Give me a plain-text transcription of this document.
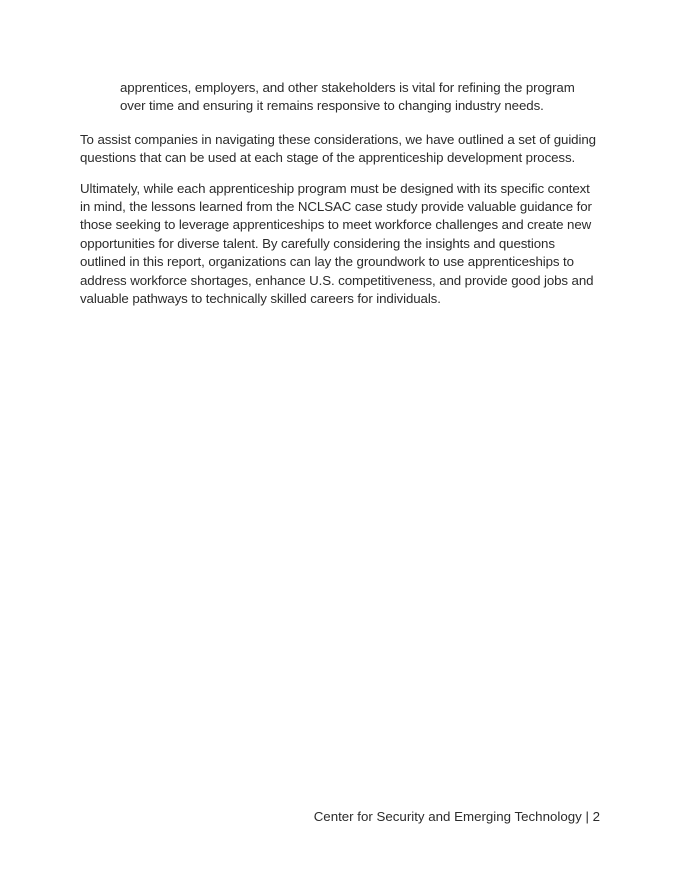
apprentices, employers, and other stakeholders is vital for refining the program over time and ensuring it remains responsive to changing industry needs.

To assist companies in navigating these considerations, we have outlined a set of guiding questions that can be used at each stage of the apprenticeship development process.

Ultimately, while each apprenticeship program must be designed with its specific context in mind, the lessons learned from the NCLSAC case study provide valuable guidance for those seeking to leverage apprenticeships to meet workforce challenges and create new opportunities for diverse talent. By carefully considering the insights and questions outlined in this report, organizations can lay the groundwork to use apprenticeships to address workforce shortages, enhance U.S. competitiveness, and provide good jobs and valuable pathways to technically skilled careers for individuals.

Center for Security and Emerging Technology | 2
